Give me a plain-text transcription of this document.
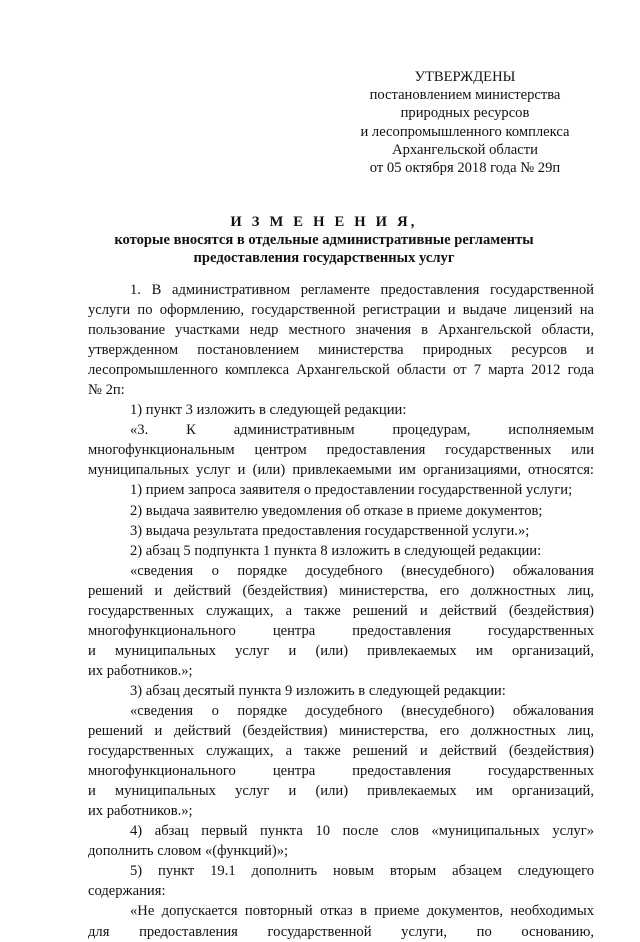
УТВЕРЖДЕНЫ
постановлением министерства
природных ресурсов
и лесопромышленного комплекса
Архангельской области
от 05 октября 2018 года № 29п
И З М Е Н Е Н И Я,
которые вносятся в отдельные административные регламенты
предоставления государственных услуг

1. В административном регламенте предоставления государственной

услуги по оформлению, государственной регистрации и выдаче лицензий на

пользование участками недр местного значения в Архангельской области,

утвержденном постановлением министерства природных ресурсов и

лесопромышленного комплекса Архангельской области от 7 марта 2012 года

№ 2п:

1) пункт 3 изложить в следующей редакции:

«3. К административным процедурам, исполняемым

многофункциональным центром предоставления государственных или

муниципальных услуг и (или) привлекаемыми им организациями, относятся:

1) прием запроса заявителя о предоставлении государственной услуги;

2) выдача заявителю уведомления об отказе в приеме документов;

3) выдача результата предоставления государственной услуги.»;

2) абзац 5 подпункта 1 пункта 8 изложить в следующей редакции:

«сведения о порядке досудебного (внесудебного) обжалования

решений и действий (бездействия) министерства, его должностных лиц,

государственных служащих, а также решений и действий (бездействия)

многофункционального центра предоставления государственных

и муниципальных услуг и (или) привлекаемых им организаций,

их работников.»;

3) абзац десятый пункта 9 изложить в следующей редакции:

«сведения о порядке досудебного (внесудебного) обжалования

решений и действий (бездействия) министерства, его должностных лиц,

государственных служащих, а также решений и действий (бездействия)

многофункционального центра предоставления государственных

и муниципальных услуг и (или) привлекаемых им организаций,

их работников.»;

4) абзац первый пункта 10 после слов «муниципальных услуг»

дополнить словом «(функций)»;

5) пункт 19.1 дополнить новым вторым абзацем следующего

содержания:

«Не допускается повторный отказ в приеме документов, необходимых

для предоставления государственной услуги, по основанию,
